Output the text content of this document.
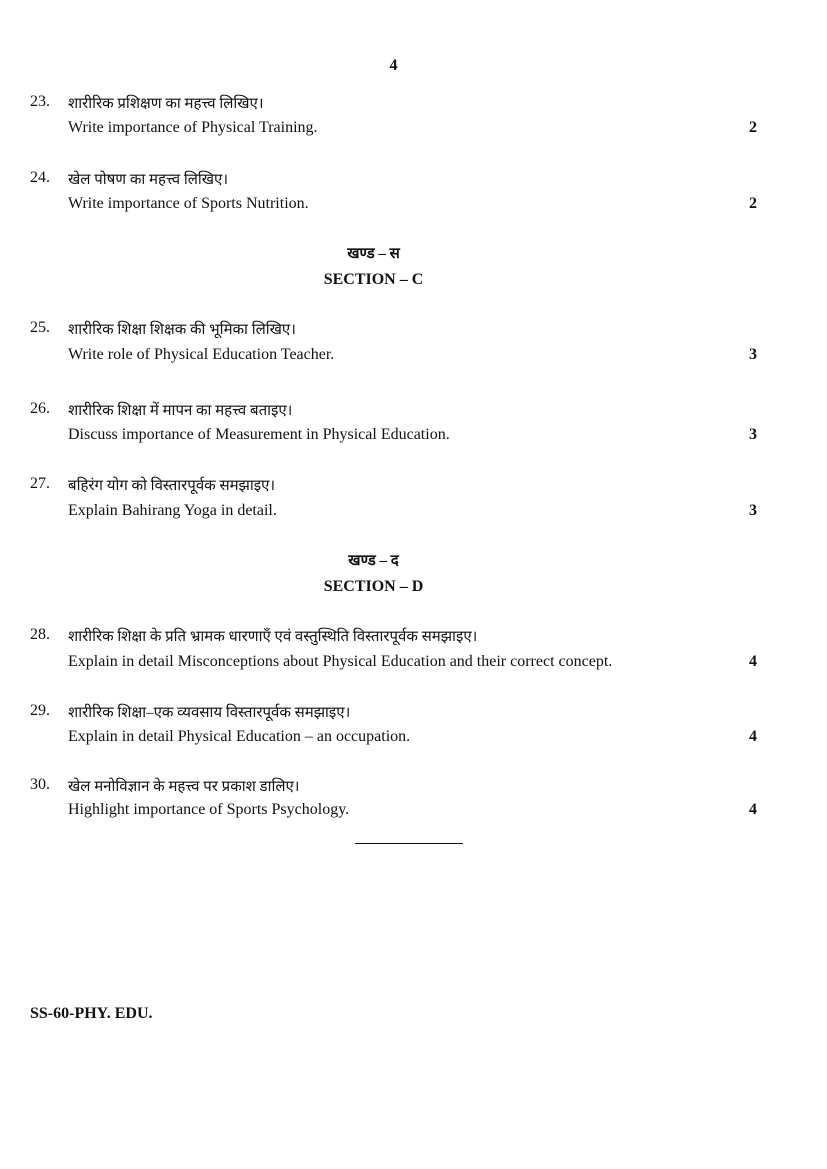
4
23. शारीरिक प्रशिक्षण का महत्त्व लिखिए।
Write importance of Physical Training.	2
24. खेल पोषण का महत्त्व लिखिए।
Write importance of Sports Nutrition.	2
खण्ड – स
SECTION – C
25. शारीरिक शिक्षा शिक्षक की भूमिका लिखिए।
Write role of Physical Education Teacher.	3
26. शारीरिक शिक्षा में मापन का महत्त्व बताइए।
Discuss importance of Measurement in Physical Education.	3
27. बहिरंग योग को विस्तारपूर्वक समझाइए।
Explain Bahirang Yoga in detail.	3
खण्ड – द
SECTION – D
28. शारीरिक शिक्षा के प्रति भ्रामक धारणाएँ एवं वस्तुस्थिति विस्तारपूर्वक समझाइए।
Explain in detail Misconceptions about Physical Education and their correct concept.	4
29. शारीरिक शिक्षा–एक व्यवसाय विस्तारपूर्वक समझाइए।
Explain in detail Physical Education – an occupation.	4
30. खेल मनोविज्ञान के महत्त्व पर प्रकाश डालिए।
Highlight importance of Sports Psychology.	4
SS-60-PHY. EDU.
